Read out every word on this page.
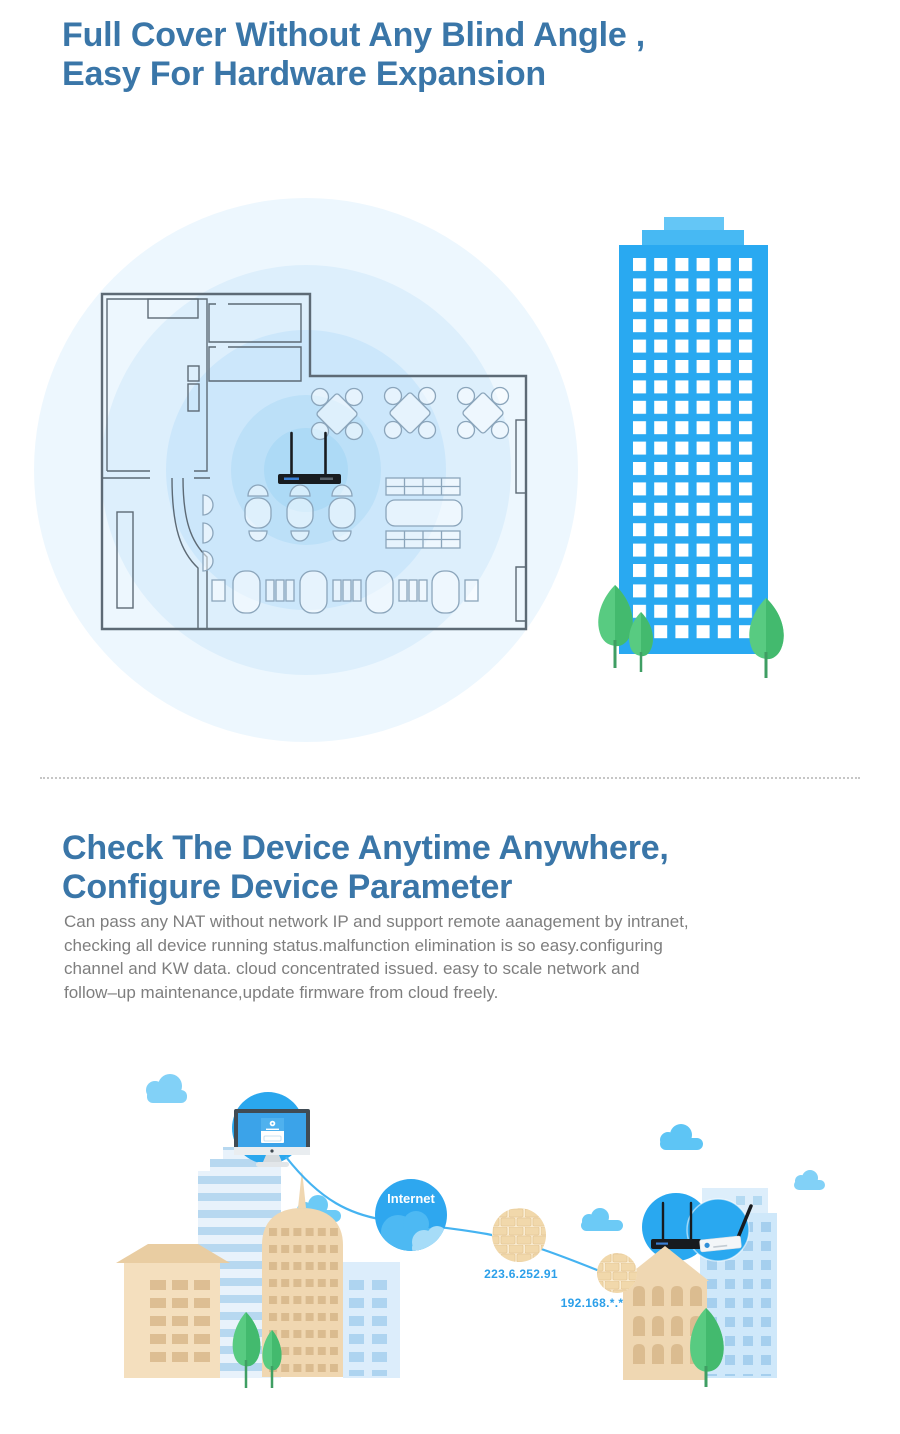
Full Cover Without Any Blind Angle ,
Easy For Hardware Expansion
Check The Device Anytime Anywhere,
Configure Device Parameter
Can pass any NAT without network IP and support remote aanagement by intranet,
checking all device running status.malfunction elimination is so easy.configuring
channel and KW data. cloud concentrated issued. easy to scale network and
follow–up maintenance,update firmware from cloud freely.
Internet
223.6.252.91
192.168.*.*
